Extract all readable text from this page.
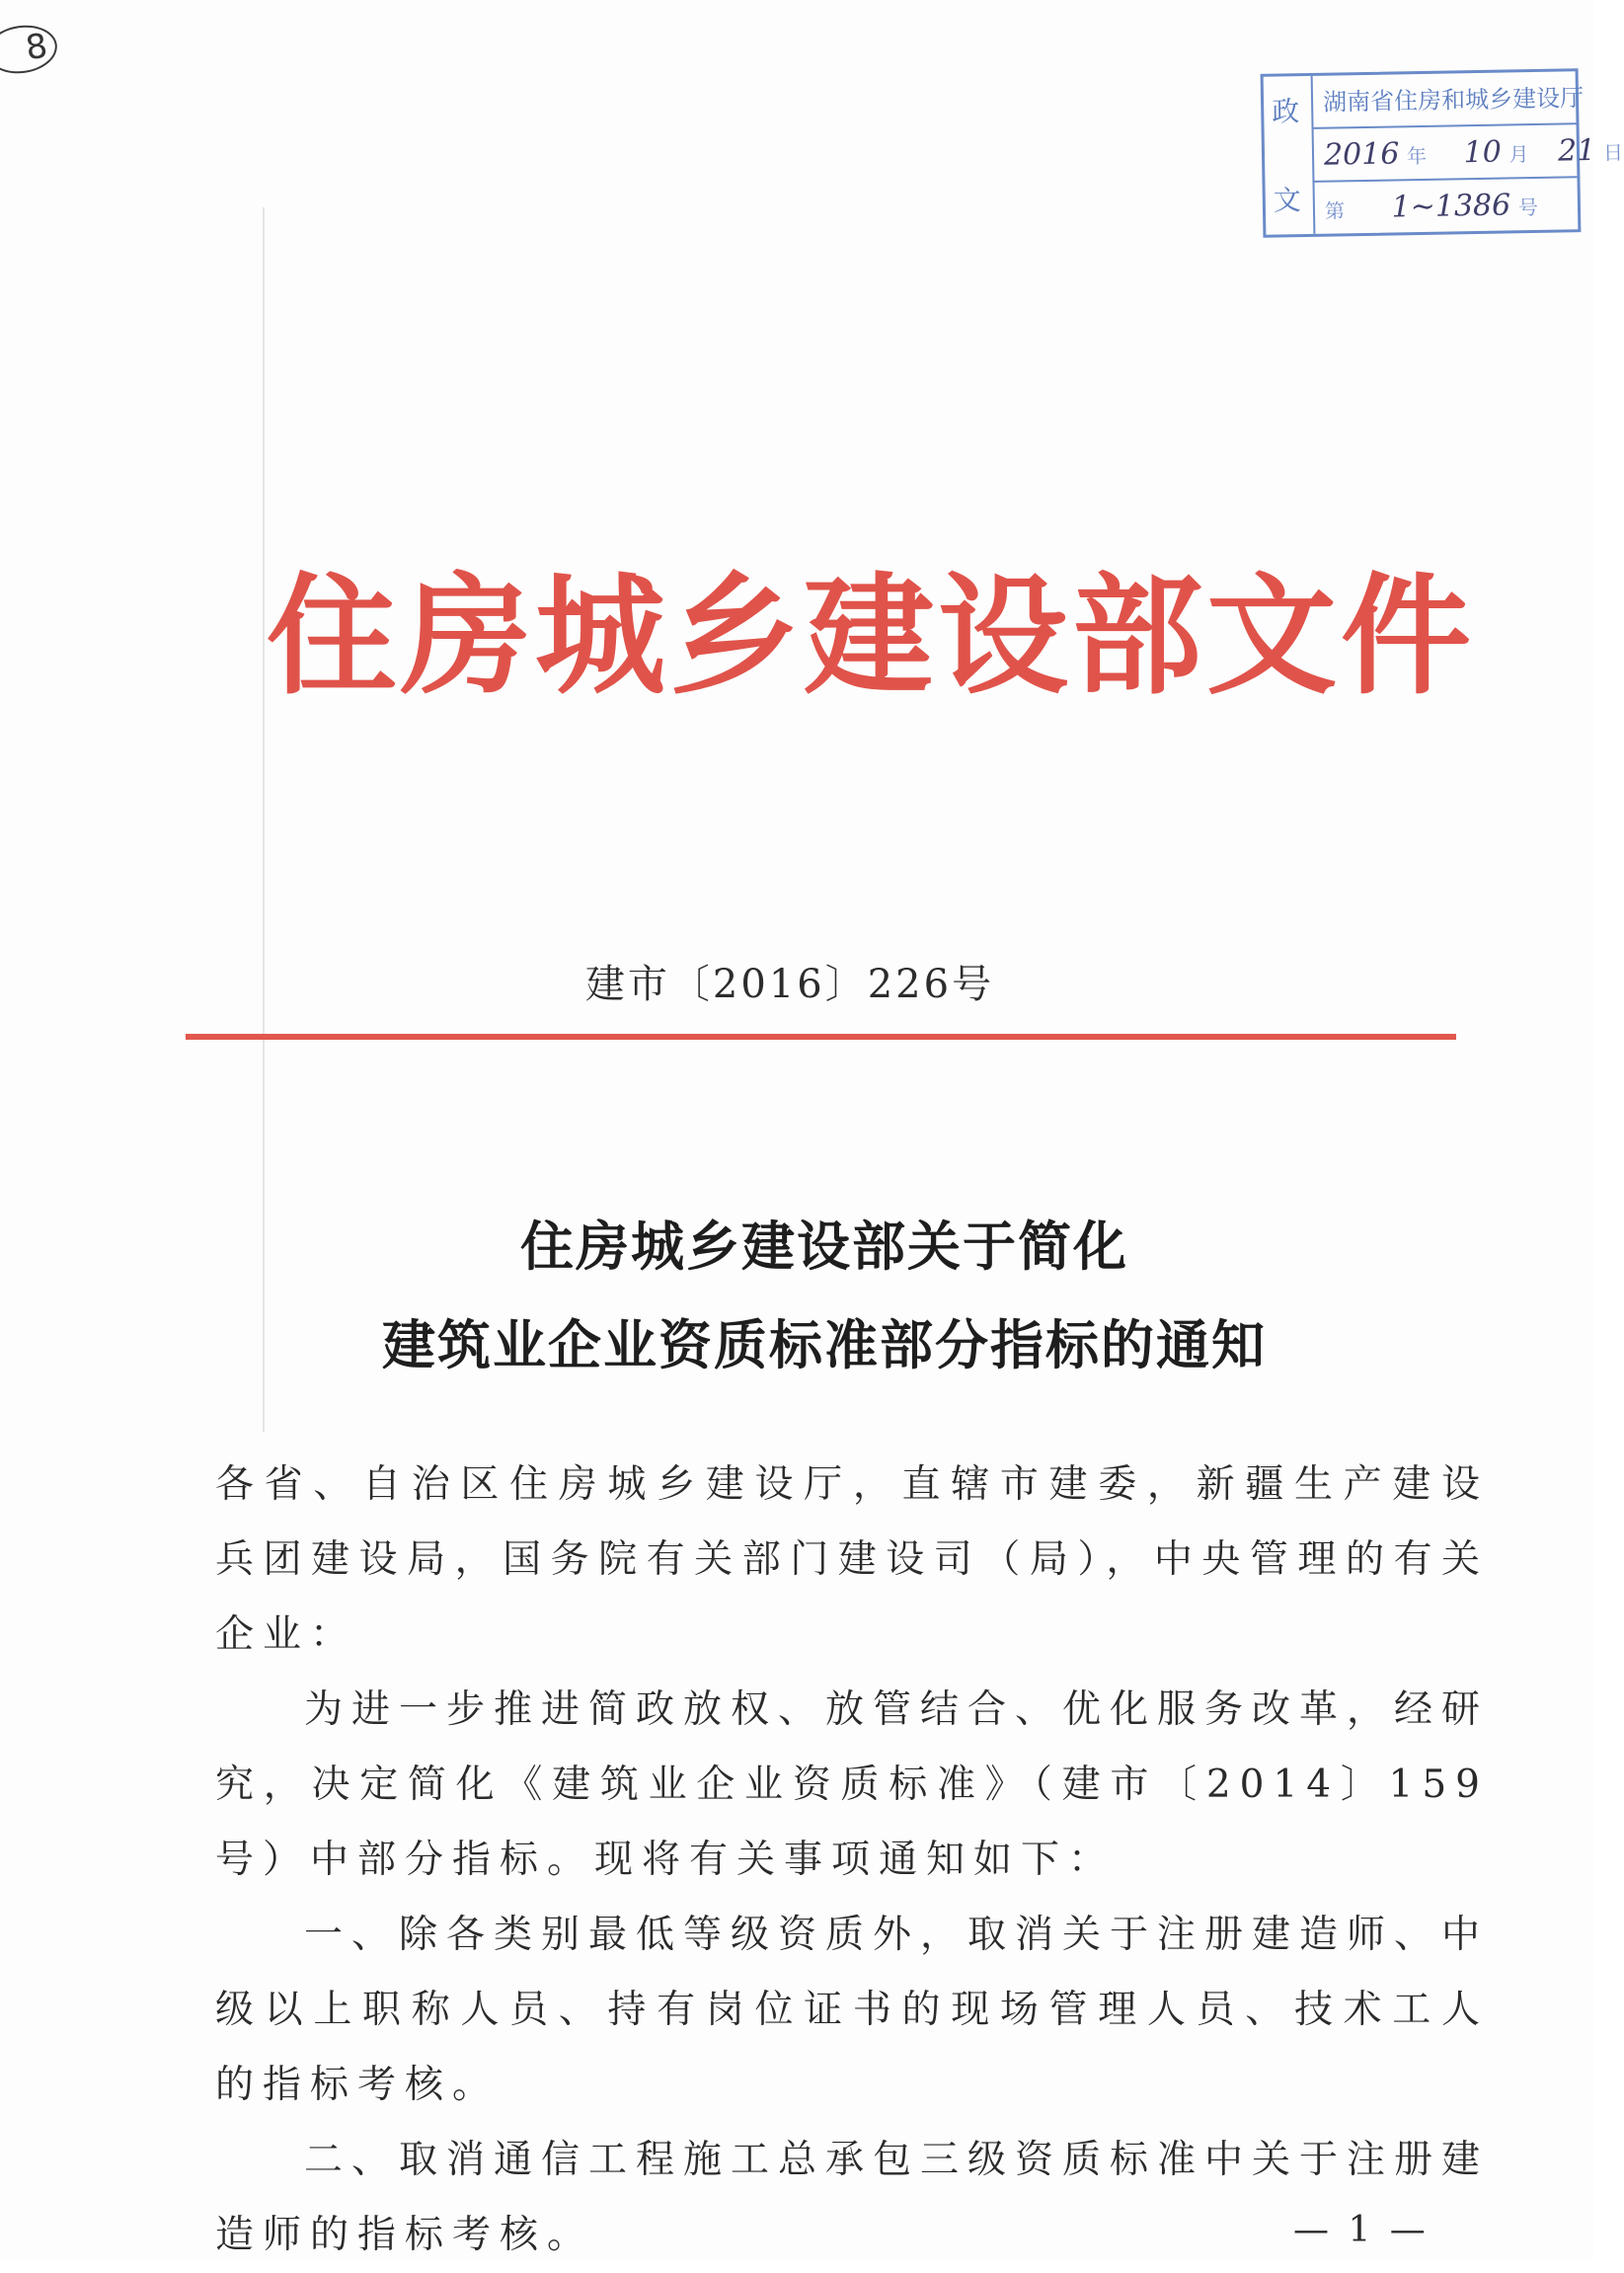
8
政
文
湖南省住房和城乡建设厅
2016 年 10 月 21 日
第 1~1386 号
住房城乡建设部文件
建市〔2016〕226号
住房城乡建设部关于简化
建筑业企业资质标准部分指标的通知

各省、自治区住房城乡建设厅，直辖市建委，新疆生产建设兵团建设局，国务院有关部门建设司（局），中央管理的有关企业：

为进一步推进简政放权、放管结合、优化服务改革，经研究，决定简化《建筑业企业资质标准》（建市〔2014〕159号）中部分指标。现将有关事项通知如下：

一、除各类别最低等级资质外，取消关于注册建造师、中级以上职称人员、持有岗位证书的现场管理人员、技术工人的指标考核。

二、取消通信工程施工总承包三级资质标准中关于注册建造师的指标考核。	— 1 —
